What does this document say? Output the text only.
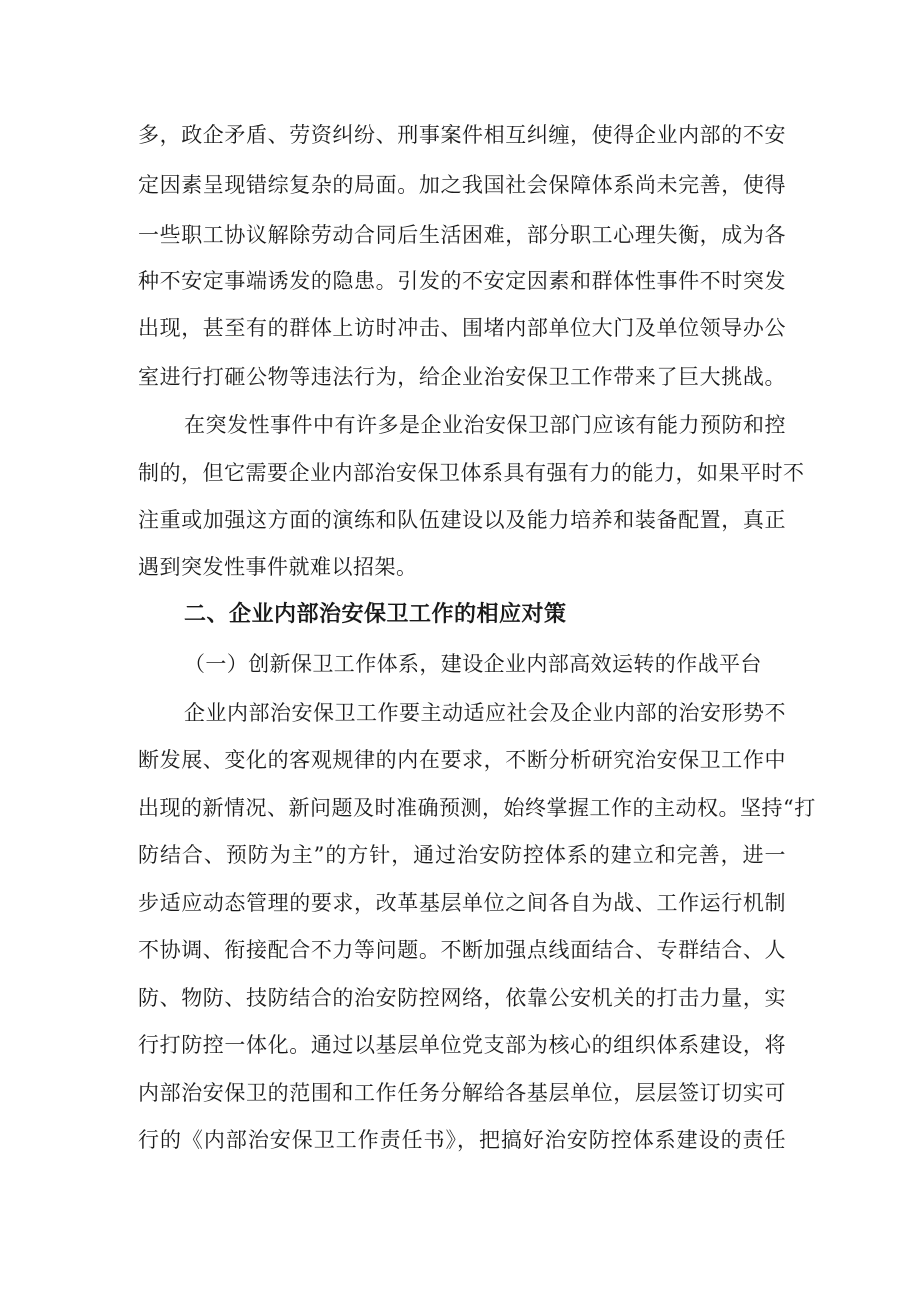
多，政企矛盾、劳资纠纷、刑事案件相互纠缠，使得企业内部的不安
定因素呈现错综复杂的局面。加之我国社会保障体系尚未完善，使得
一些职工协议解除劳动合同后生活困难，部分职工心理失衡，成为各
种不安定事端诱发的隐患。引发的不安定因素和群体性事件不时突发
出现，甚至有的群体上访时冲击、围堵内部单位大门及单位领导办公
室进行打砸公物等违法行为，给企业治安保卫工作带来了巨大挑战。
在突发性事件中有许多是企业治安保卫部门应该有能力预防和控
制的，但它需要企业内部治安保卫体系具有强有力的能力，如果平时不
注重或加强这方面的演练和队伍建设以及能力培养和装备配置，真正
遇到突发性事件就难以招架。
二、企业内部治安保卫工作的相应对策
（一）创新保卫工作体系，建设企业内部高效运转的作战平台
企业内部治安保卫工作要主动适应社会及企业内部的治安形势不
断发展、变化的客观规律的内在要求，不断分析研究治安保卫工作中
出现的新情况、新问题及时准确预测，始终掌握工作的主动权。坚持“打
防结合、预防为主”的方针，通过治安防控体系的建立和完善，进一
步适应动态管理的要求，改革基层单位之间各自为战、工作运行机制
不协调、衔接配合不力等问题。不断加强点线面结合、专群结合、人
防、物防、技防结合的治安防控网络，依靠公安机关的打击力量，实
行打防控一体化。通过以基层单位党支部为核心的组织体系建设，将
内部治安保卫的范围和工作任务分解给各基层单位，层层签订切实可
行的《内部治安保卫工作责任书》，把搞好治安防控体系建设的责任
